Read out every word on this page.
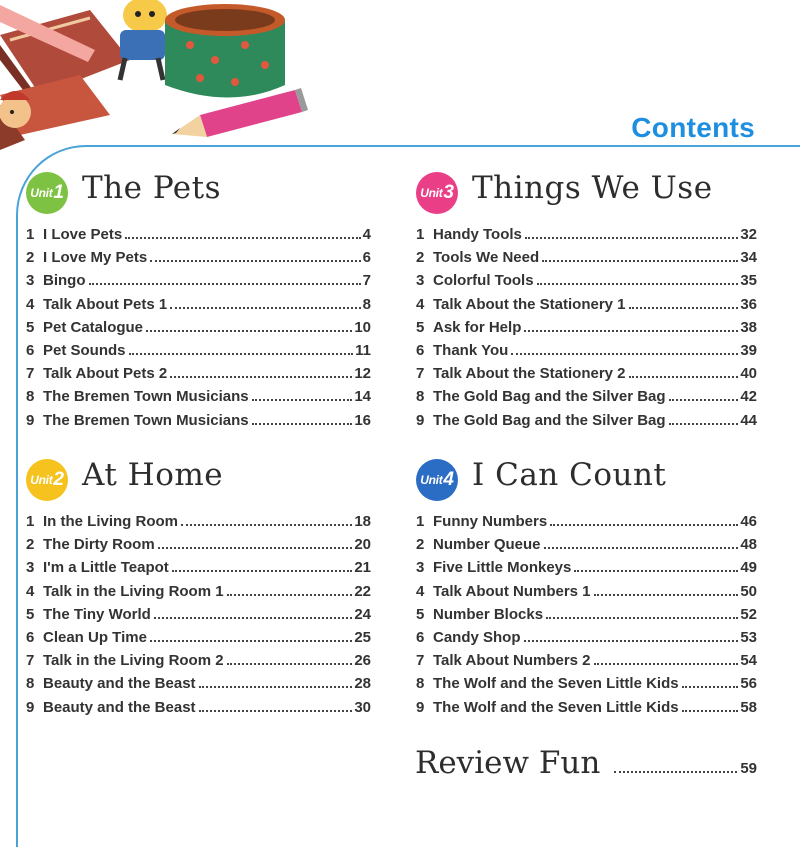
Contents
Unit 1 The Pets
1 I Love Pets	4
2 I Love My Pets	6
3 Bingo	7
4 Talk About Pets 1	8
5 Pet Catalogue	10
6 Pet Sounds	11
7 Talk About Pets 2	12
8 The Bremen Town Musicians	14
9 The Bremen Town Musicians	16
Unit 2 At Home
1 In the Living Room	18
2 The Dirty Room	20
3 I'm a Little Teapot	21
4 Talk in the Living Room 1	22
5 The Tiny World	24
6 Clean Up Time	25
7 Talk in the Living Room 2	26
8 Beauty and the Beast	28
9 Beauty and the Beast	30
Unit 3 Things We Use
1 Handy Tools	32
2 Tools We Need	34
3 Colorful Tools	35
4 Talk About the Stationery 1	36
5 Ask for Help	38
6 Thank You	39
7 Talk About the Stationery 2	40
8 The Gold Bag and the Silver Bag	42
9 The Gold Bag and the Silver Bag	44
Unit 4 I Can Count
1 Funny Numbers	46
2 Number Queue	48
3 Five Little Monkeys	49
4 Talk About Numbers 1	50
5 Number Blocks	52
6 Candy Shop	53
7 Talk About Numbers 2	54
8 The Wolf and the Seven Little Kids	56
9 The Wolf and the Seven Little Kids	58
Review Fun	59
